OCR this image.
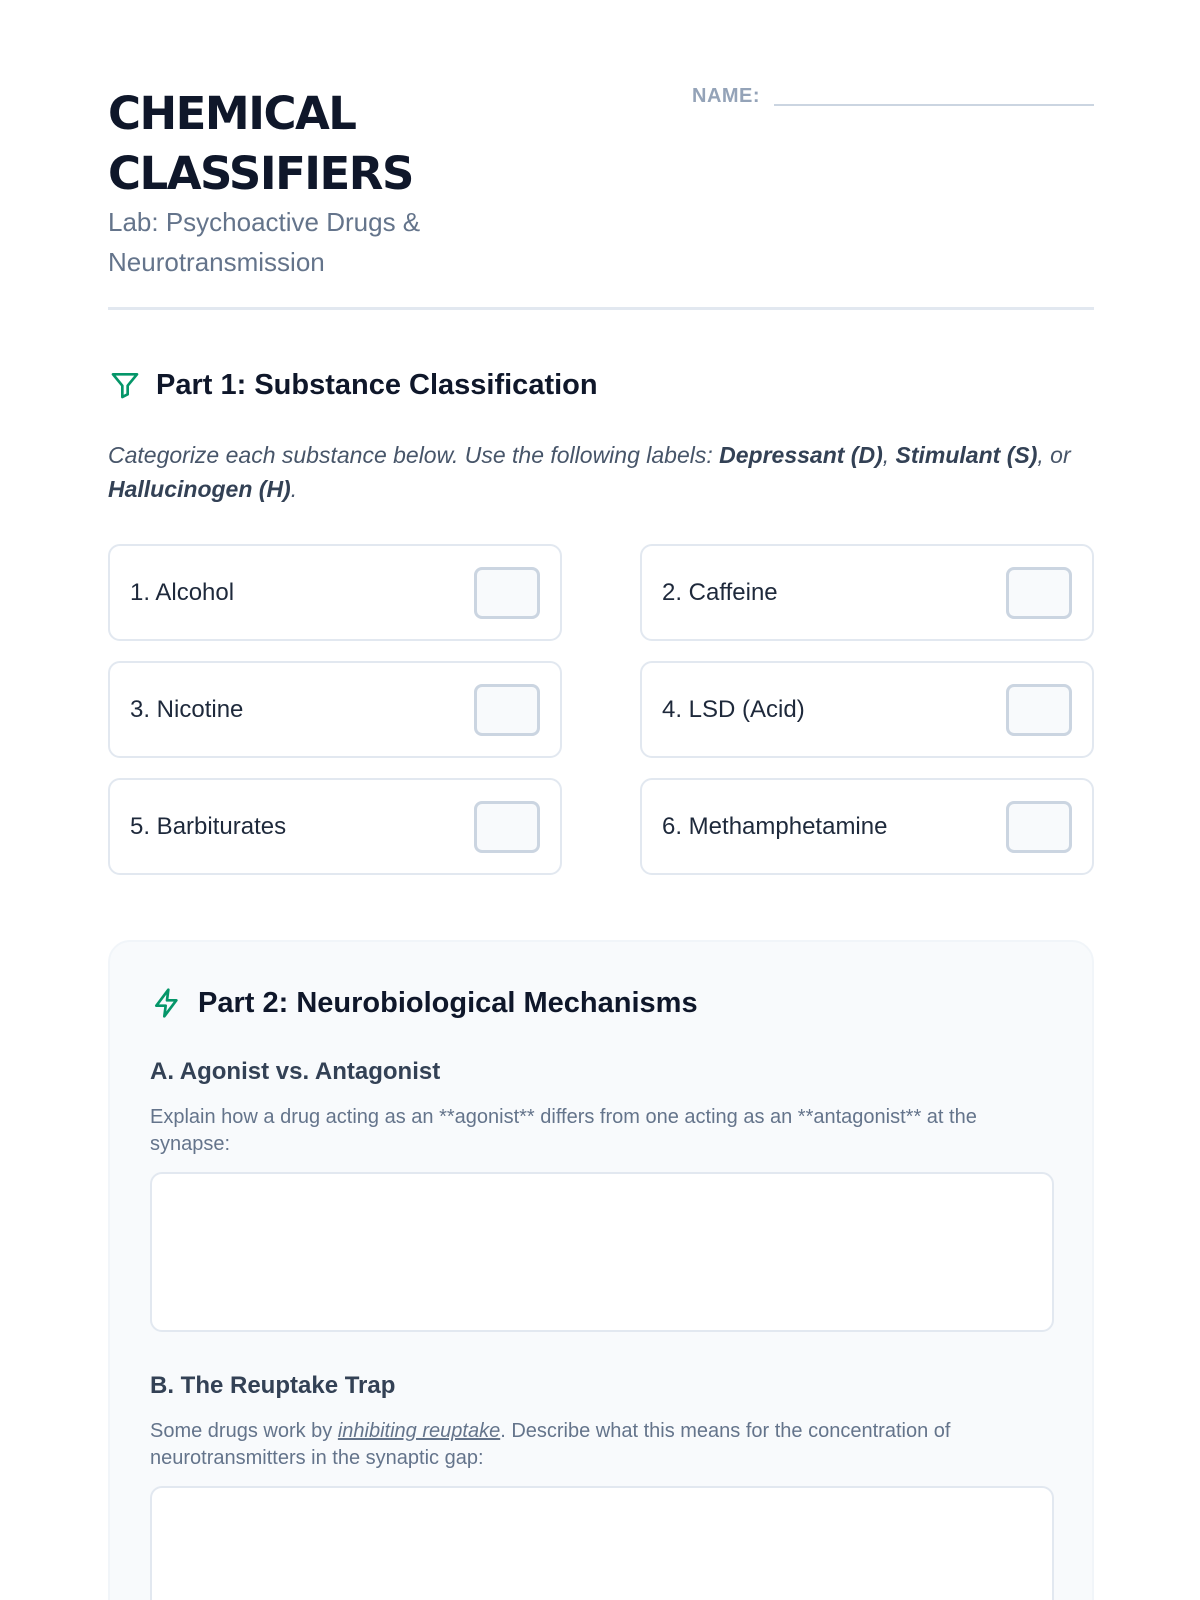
CHEMICAL
CLASSIFIERS
Lab: Psychoactive Drugs & Neurotransmission
NAME:
Part 1: Substance Classification
Categorize each substance below. Use the following labels: Depressant (D), Stimulant (S), or Hallucinogen (H).
1. Alcohol	2. Caffeine
3. Nicotine	4. LSD (Acid)
5. Barbiturates	6. Methamphetamine
Part 2: Neurobiological Mechanisms
A. Agonist vs. Antagonist
Explain how a drug acting as an **agonist** differs from one acting as an **antagonist** at the synapse:
B. The Reuptake Trap
Some drugs work by inhibiting reuptake. Describe what this means for the concentration of neurotransmitters in the synaptic gap:
